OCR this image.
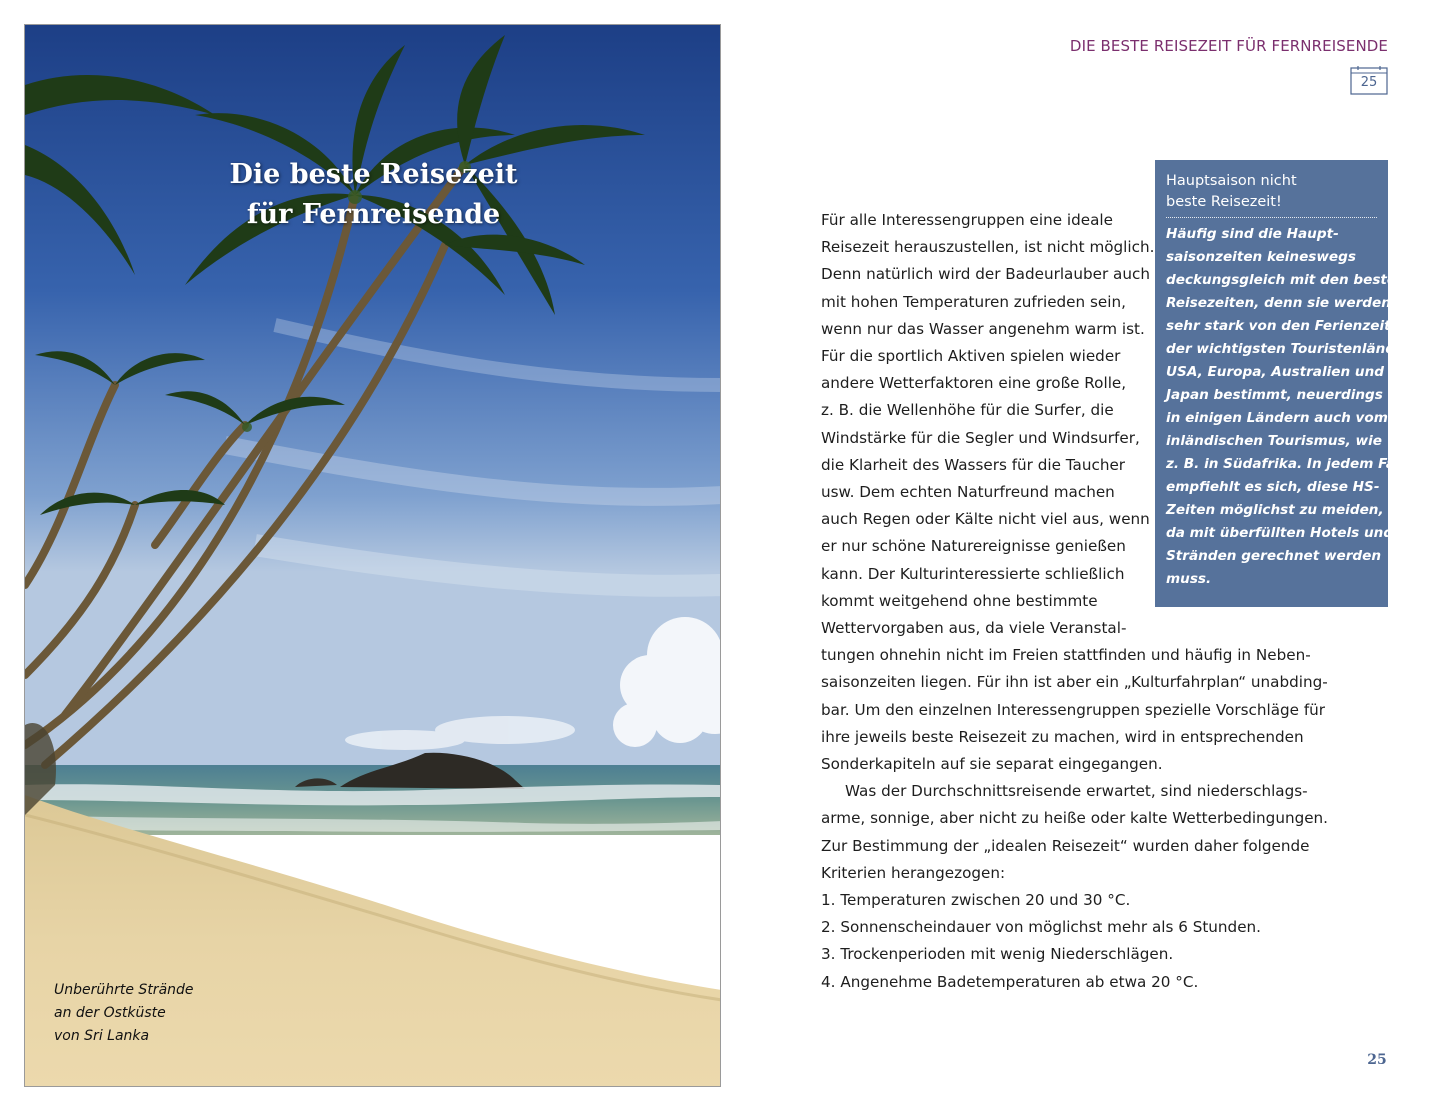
Die beste Reisezeit
für Fernreisende
Unberührte Strände
an der Ostküste
von Sri Lanka
DIE BESTE REISEZEIT FÜR FERNREISENDE
25
Für alle Interessengruppen eine ideale
Reisezeit herauszustellen, ist nicht möglich.
Denn natürlich wird der Badeurlauber auch
mit hohen Temperaturen zufrieden sein,
wenn nur das Wasser angenehm warm ist.
Für die sportlich Aktiven spielen wieder
andere Wetterfaktoren eine große Rolle,
z. B. die Wellenhöhe für die Surfer, die
Windstärke für die Segler und Windsurfer,
die Klarheit des Wassers für die Taucher
usw. Dem echten Naturfreund machen
auch Regen oder Kälte nicht viel aus, wenn
er nur schöne Naturereignisse genießen
kann. Der Kulturinteressierte schließlich
kommt weitgehend ohne bestimmte
Wettervorgaben aus, da viele Veranstal-
tungen ohnehin nicht im Freien stattfinden und häufig in Neben-
saisonzeiten liegen. Für ihn ist aber ein „Kulturfahrplan“ unabding-
bar. Um den einzelnen Interessengruppen spezielle Vorschläge für
ihre jeweils beste Reisezeit zu machen, wird in entsprechenden
Sonderkapiteln auf sie separat eingegangen.
Was der Durchschnittsreisende erwartet, sind niederschlags-
arme, sonnige, aber nicht zu heiße oder kalte Wetterbedingungen.
Zur Bestimmung der „idealen Reisezeit“ wurden daher folgende
Kriterien herangezogen:
1. Temperaturen zwischen 20 und 30 °C.
2. Sonnenscheindauer von möglichst mehr als 6 Stunden.
3. Trockenperioden mit wenig Niederschlägen.
4. Angenehme Badetemperaturen ab etwa 20 °C.
Hauptsaison nicht
beste Reisezeit!
Häufig sind die Haupt-
saisonzeiten keineswegs
deckungsgleich mit den besten
Reisezeiten, denn sie werden
sehr stark von den Ferienzeiten
der wichtigsten Touristenländer
USA, Europa, Australien und
Japan bestimmt, neuerdings
in einigen Ländern auch vom
inländischen Tourismus, wie
z. B. in Südafrika. In jedem Fall
empfiehlt es sich, diese HS-
Zeiten möglichst zu meiden,
da mit überfüllten Hotels und
Stränden gerechnet werden
muss.
25
